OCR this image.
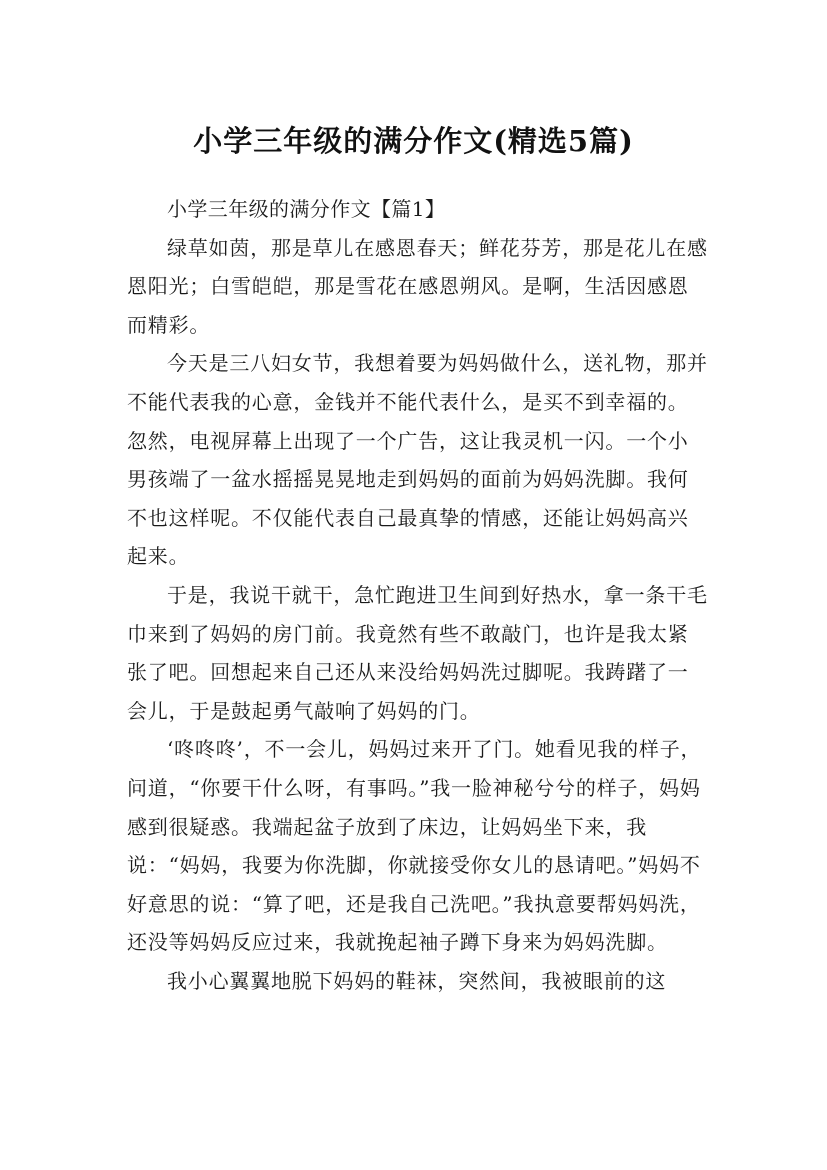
小学三年级的满分作文(精选5篇)

小学三年级的满分作文【篇1】

绿草如茵，那是草儿在感恩春天；鲜花芬芳，那是花儿在感恩阳光；白雪皑皑，那是雪花在感恩朔风。是啊，生活因感恩而精彩。

今天是三八妇女节，我想着要为妈妈做什么，送礼物，那并不能代表我的心意，金钱并不能代表什么，是买不到幸福的。忽然，电视屏幕上出现了一个广告，这让我灵机一闪。一个小男孩端了一盆水摇摇晃晃地走到妈妈的面前为妈妈洗脚。我何不也这样呢。不仅能代表自己最真挚的情感，还能让妈妈高兴起来。

于是，我说干就干，急忙跑进卫生间到好热水，拿一条干毛巾来到了妈妈的房门前。我竟然有些不敢敲门，也许是我太紧张了吧。回想起来自己还从来没给妈妈洗过脚呢。我踌躇了一会儿，于是鼓起勇气敲响了妈妈的门。

‘咚咚咚’，不一会儿，妈妈过来开了门。她看见我的样子，问道，“你要干什么呀，有事吗。”我一脸神秘兮兮的样子，妈妈感到很疑惑。我端起盆子放到了床边，让妈妈坐下来，我说：“妈妈，我要为你洗脚，你就接受你女儿的恳请吧。”妈妈不好意思的说：“算了吧，还是我自己洗吧。”我执意要帮妈妈洗，还没等妈妈反应过来，我就挽起袖子蹲下身来为妈妈洗脚。

我小心翼翼地脱下妈妈的鞋袜，突然间，我被眼前的这
